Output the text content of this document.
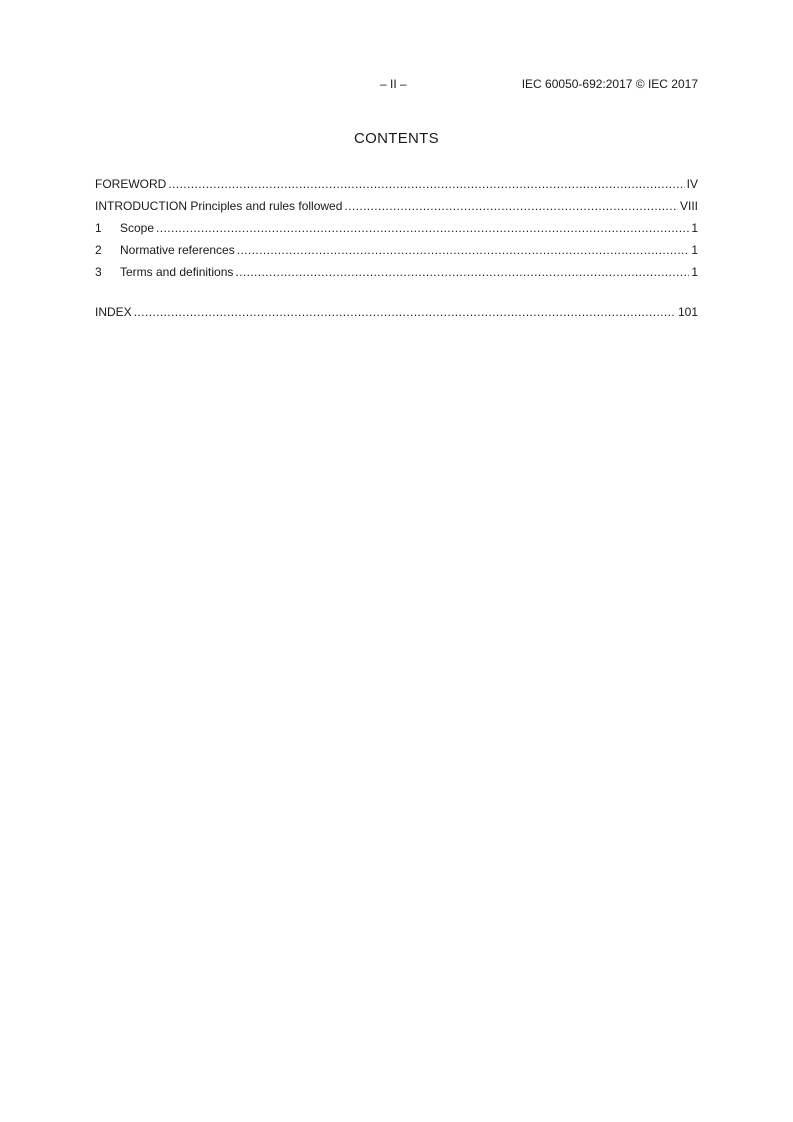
– II –	IEC 60050-692:2017 © IEC 2017
CONTENTS
FOREWORD .....	IV
INTRODUCTION Principles and rules followed .....	VIII
1	Scope .....	1
2	Normative references .....	1
3	Terms and definitions .....	1
INDEX .....	101
